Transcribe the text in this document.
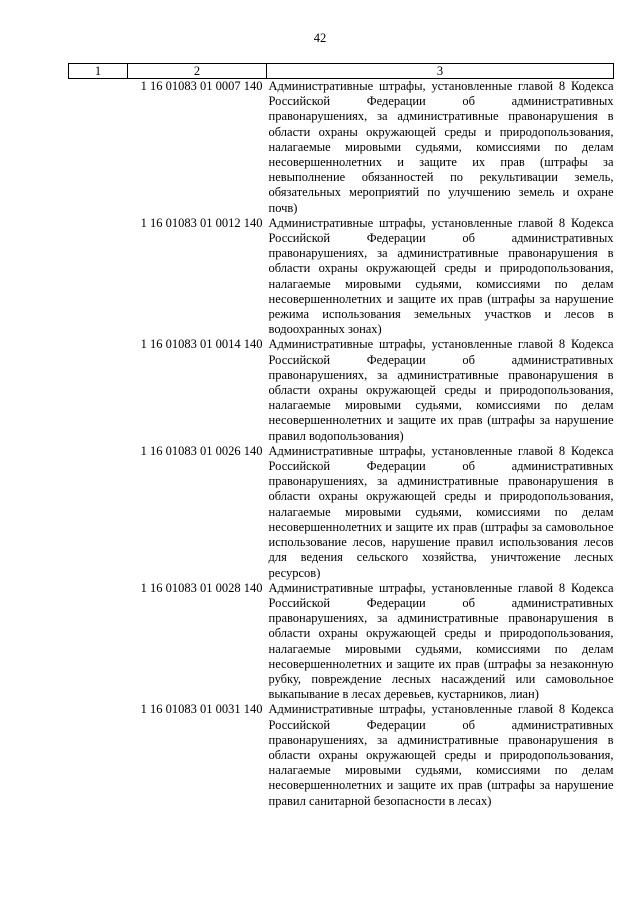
42
1	2	3
	1 16 01083 01 0007 140	Административные штрафы, установленные главой 8 Кодекса Российской Федерации об административных правонарушениях, за административные правонарушения в области охраны окружающей среды и природопользования, налагаемые мировыми судьями, комиссиями по делам несовершеннолетних и защите их прав (штрафы за невыполнение обязанностей по рекультивации земель, обязательных мероприятий по улучшению земель и охране почв)
	1 16 01083 01 0012 140	Административные штрафы, установленные главой 8 Кодекса Российской Федерации об административных правонарушениях, за административные правонарушения в области охраны окружающей среды и природопользования, налагаемые мировыми судьями, комиссиями по делам несовершеннолетних и защите их прав (штрафы за нарушение режима использования земельных участков и лесов в водоохранных зонах)
	1 16 01083 01 0014 140	Административные штрафы, установленные главой 8 Кодекса Российской Федерации об административных правонарушениях, за административные правонарушения в области охраны окружающей среды и природопользования, налагаемые мировыми судьями, комиссиями по делам несовершеннолетних и защите их прав (штрафы за нарушение правил водопользования)
	1 16 01083 01 0026 140	Административные штрафы, установленные главой 8 Кодекса Российской Федерации об административных правонарушениях, за административные правонарушения в области охраны окружающей среды и природопользования, налагаемые мировыми судьями, комиссиями по делам несовершеннолетних и защите их прав (штрафы за самовольное использование лесов, нарушение правил использования лесов для ведения сельского хозяйства, уничтожение лесных ресурсов)
	1 16 01083 01 0028 140	Административные штрафы, установленные главой 8 Кодекса Российской Федерации об административных правонарушениях, за административные правонарушения в области охраны окружающей среды и природопользования, налагаемые мировыми судьями, комиссиями по делам несовершеннолетних и защите их прав (штрафы за незаконную рубку, повреждение лесных насаждений или самовольное выкапывание в лесах деревьев, кустарников, лиан)
	1 16 01083 01 0031 140	Административные штрафы, установленные главой 8 Кодекса Российской Федерации об административных правонарушениях, за административные правонарушения в области охраны окружающей среды и природопользования, налагаемые мировыми судьями, комиссиями по делам несовершеннолетних и защите их прав (штрафы за нарушение правил санитарной безопасности в лесах)
